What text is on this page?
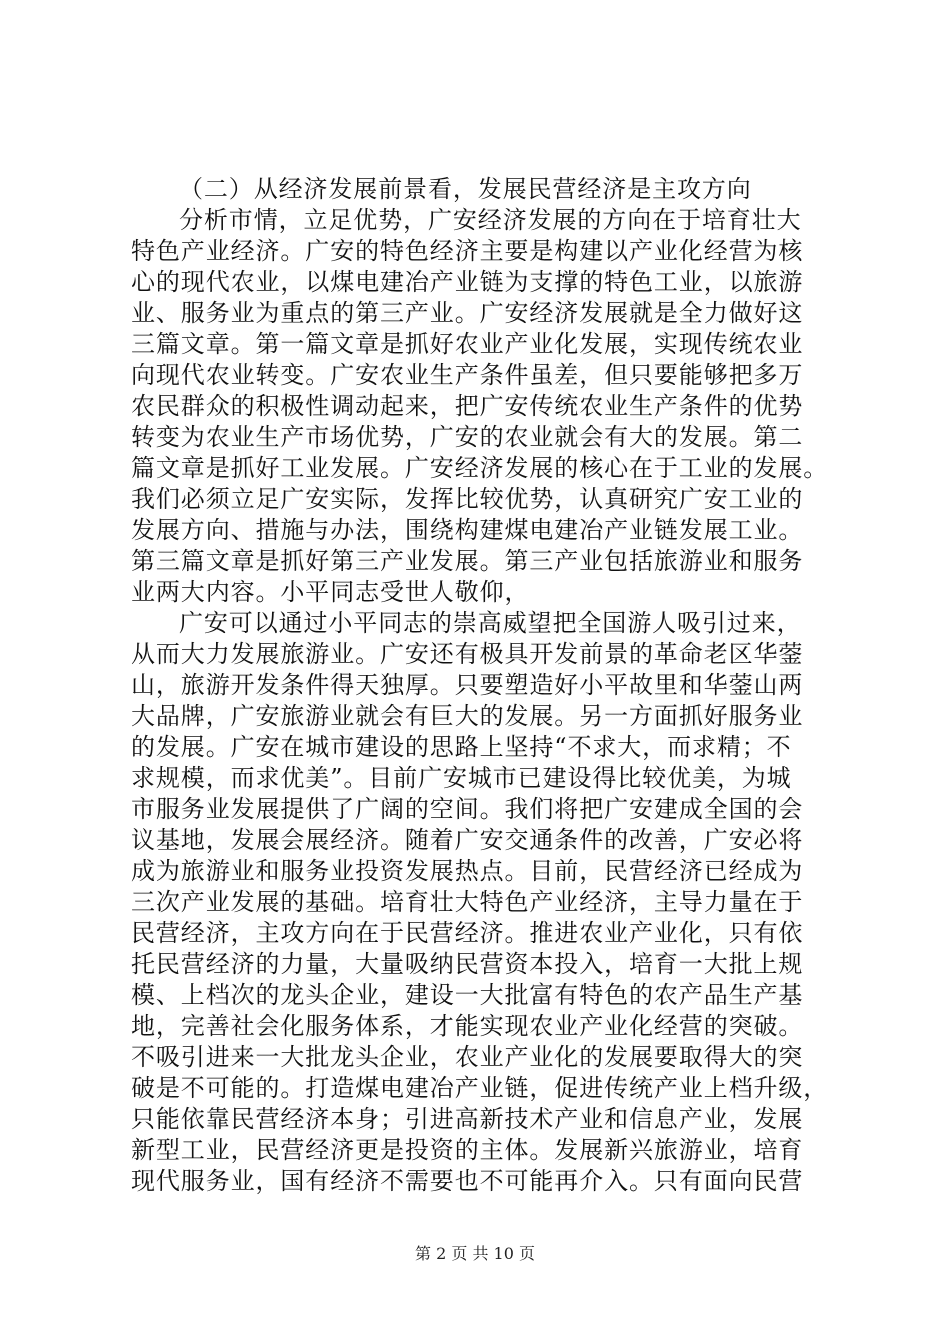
（二）从经济发展前景看，发展民营经济是主攻方向
分析市情，立足优势，广安经济发展的方向在于培育壮大
特色产业经济。广安的特色经济主要是构建以产业化经营为核
心的现代农业，以煤电建冶产业链为支撑的特色工业，以旅游
业、服务业为重点的第三产业。广安经济发展就是全力做好这
三篇文章。第一篇文章是抓好农业产业化发展，实现传统农业
向现代农业转变。广安农业生产条件虽差，但只要能够把多万
农民群众的积极性调动起来，把广安传统农业生产条件的优势
转变为农业生产市场优势，广安的农业就会有大的发展。第二
篇文章是抓好工业发展。广安经济发展的核心在于工业的发展。
我们必须立足广安实际，发挥比较优势，认真研究广安工业的
发展方向、措施与办法，围绕构建煤电建冶产业链发展工业。
第三篇文章是抓好第三产业发展。第三产业包括旅游业和服务
业两大内容。小平同志受世人敬仰，
广安可以通过小平同志的崇高威望把全国游人吸引过来，
从而大力发展旅游业。广安还有极具开发前景的革命老区华蓥
山，旅游开发条件得天独厚。只要塑造好小平故里和华蓥山两
大品牌，广安旅游业就会有巨大的发展。另一方面抓好服务业
的发展。广安在城市建设的思路上坚持“不求大，而求精；不
求规模，而求优美”。目前广安城市已建设得比较优美，为城
市服务业发展提供了广阔的空间。我们将把广安建成全国的会
议基地，发展会展经济。随着广安交通条件的改善，广安必将
成为旅游业和服务业投资发展热点。目前，民营经济已经成为
三次产业发展的基础。培育壮大特色产业经济，主导力量在于
民营经济，主攻方向在于民营经济。推进农业产业化，只有依
托民营经济的力量，大量吸纳民营资本投入，培育一大批上规
模、上档次的龙头企业，建设一大批富有特色的农产品生产基
地，完善社会化服务体系，才能实现农业产业化经营的突破。
不吸引进来一大批龙头企业，农业产业化的发展要取得大的突
破是不可能的。打造煤电建冶产业链，促进传统产业上档升级，
只能依靠民营经济本身；引进高新技术产业和信息产业，发展
新型工业，民营经济更是投资的主体。发展新兴旅游业，培育
现代服务业，国有经济不需要也不可能再介入。只有面向民营
第 2 页 共 10 页
